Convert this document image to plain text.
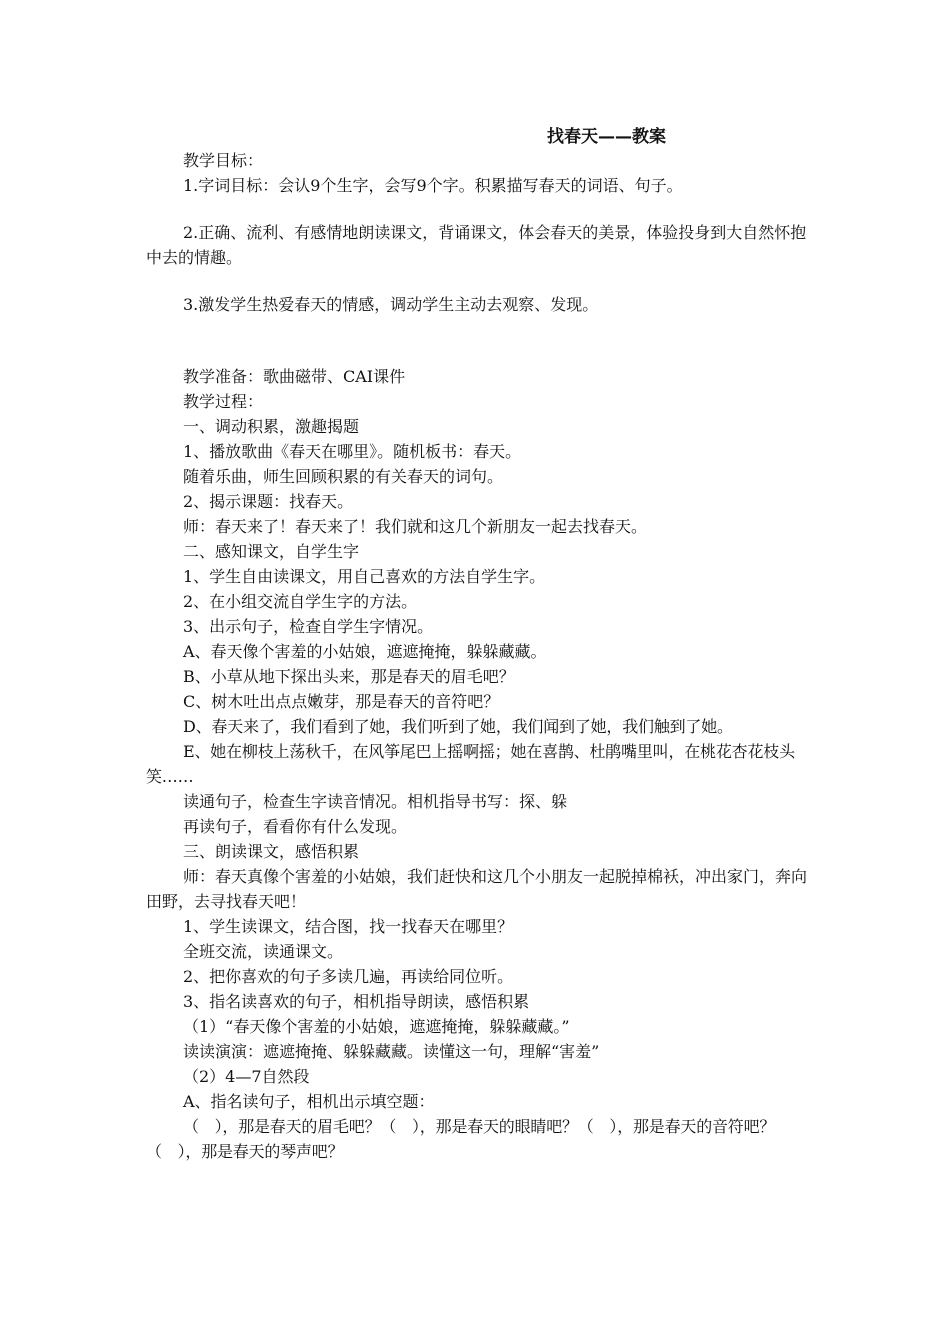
找春天——教案

教学目标：

1.字词目标：会认9个生字，会写9个字。积累描写春天的词语、句子。

2.正确、流利、有感情地朗读课文，背诵课文，体会春天的美景，体验投身到大自然怀抱中去的情趣。

3.激发学生热爱春天的情感，调动学生主动去观察、发现。

教学准备：歌曲磁带、CAI课件

教学过程：

一、调动积累，激趣揭题

1、播放歌曲《春天在哪里》。随机板书：春天。

随着乐曲，师生回顾积累的有关春天的词句。

2、揭示课题：找春天。

师：春天来了！春天来了！我们就和这几个新朋友一起去找春天。

二、感知课文，自学生字

1、学生自由读课文，用自己喜欢的方法自学生字。

2、在小组交流自学生字的方法。

3、出示句子，检查自学生字情况。

A、春天像个害羞的小姑娘，遮遮掩掩，躲躲藏藏。

B、小草从地下探出头来，那是春天的眉毛吧？

C、树木吐出点点嫩芽，那是春天的音符吧？

D、春天来了，我们看到了她，我们听到了她，我们闻到了她，我们触到了她。

E、她在柳枝上荡秋千，在风筝尾巴上摇啊摇；她在喜鹊、杜鹃嘴里叫，在桃花杏花枝头笑……

读通句子，检查生字读音情况。相机指导书写：探、躲

再读句子，看看你有什么发现。

三、朗读课文，感悟积累

师：春天真像个害羞的小姑娘，我们赶快和这几个小朋友一起脱掉棉袄，冲出家门，奔向田野，去寻找春天吧！

1、学生读课文，结合图，找一找春天在哪里？

全班交流，读通课文。

2、把你喜欢的句子多读几遍，再读给同位听。

3、指名读喜欢的句子，相机指导朗读，感悟积累

（1）“春天像个害羞的小姑娘，遮遮掩掩，躲躲藏藏。”

读读演演：遮遮掩掩、躲躲藏藏。读懂这一句，理解“害羞”

（2）4—7自然段

A、指名读句子，相机出示填空题：

（　），那是春天的眉毛吧？（　），那是春天的眼睛吧？（　），那是春天的音符吧？（　），那是春天的琴声吧？
